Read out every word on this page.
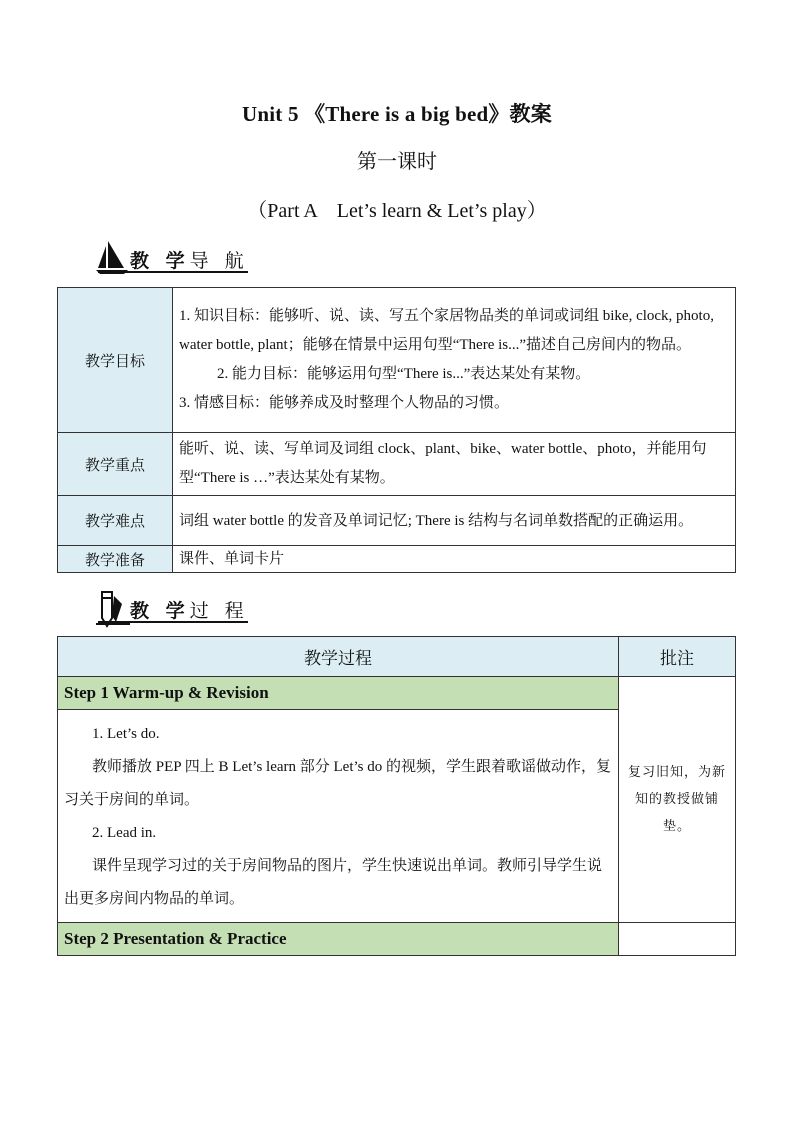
Unit 5 《There is a big bed》教案
第一课时
（Part A　Let’s learn & Let’s play）
教 学导 航
教学目标	1. 知识目标：能够听、说、读、写五个家居物品类的单词或词组 bike, clock, photo, water bottle, plant；能够在情景中运用句型“There is...”描述自己房间内的物品。
2. 能力目标：能够运用句型“There is...”表达某处有某物。
3. 情感目标：能够养成及时整理个人物品的习惯。
教学重点	能听、说、读、写单词及词组 clock、plant、bike、water bottle、photo，并能用句型“There is …”表达某处有某物。
教学难点	词组 water bottle 的发音及单词记忆; There is 结构与名词单数搭配的正确运用。
教学准备	课件、单词卡片
教 学过 程
教学过程	批注
Step 1 Warm-up & Revision	复习旧知，为新知的教授做铺垫。

1. Let’s do.

教师播放 PEP 四上 B Let’s learn 部分 Let’s do 的视频，学生跟着歌谣做动作，复习关于房间的单词。

2. Lead in.

课件呈现学习过的关于房间物品的图片，学生快速说出单词。教师引导学生说出更多房间内物品的单词。	

Step 2 Presentation & Practice	
